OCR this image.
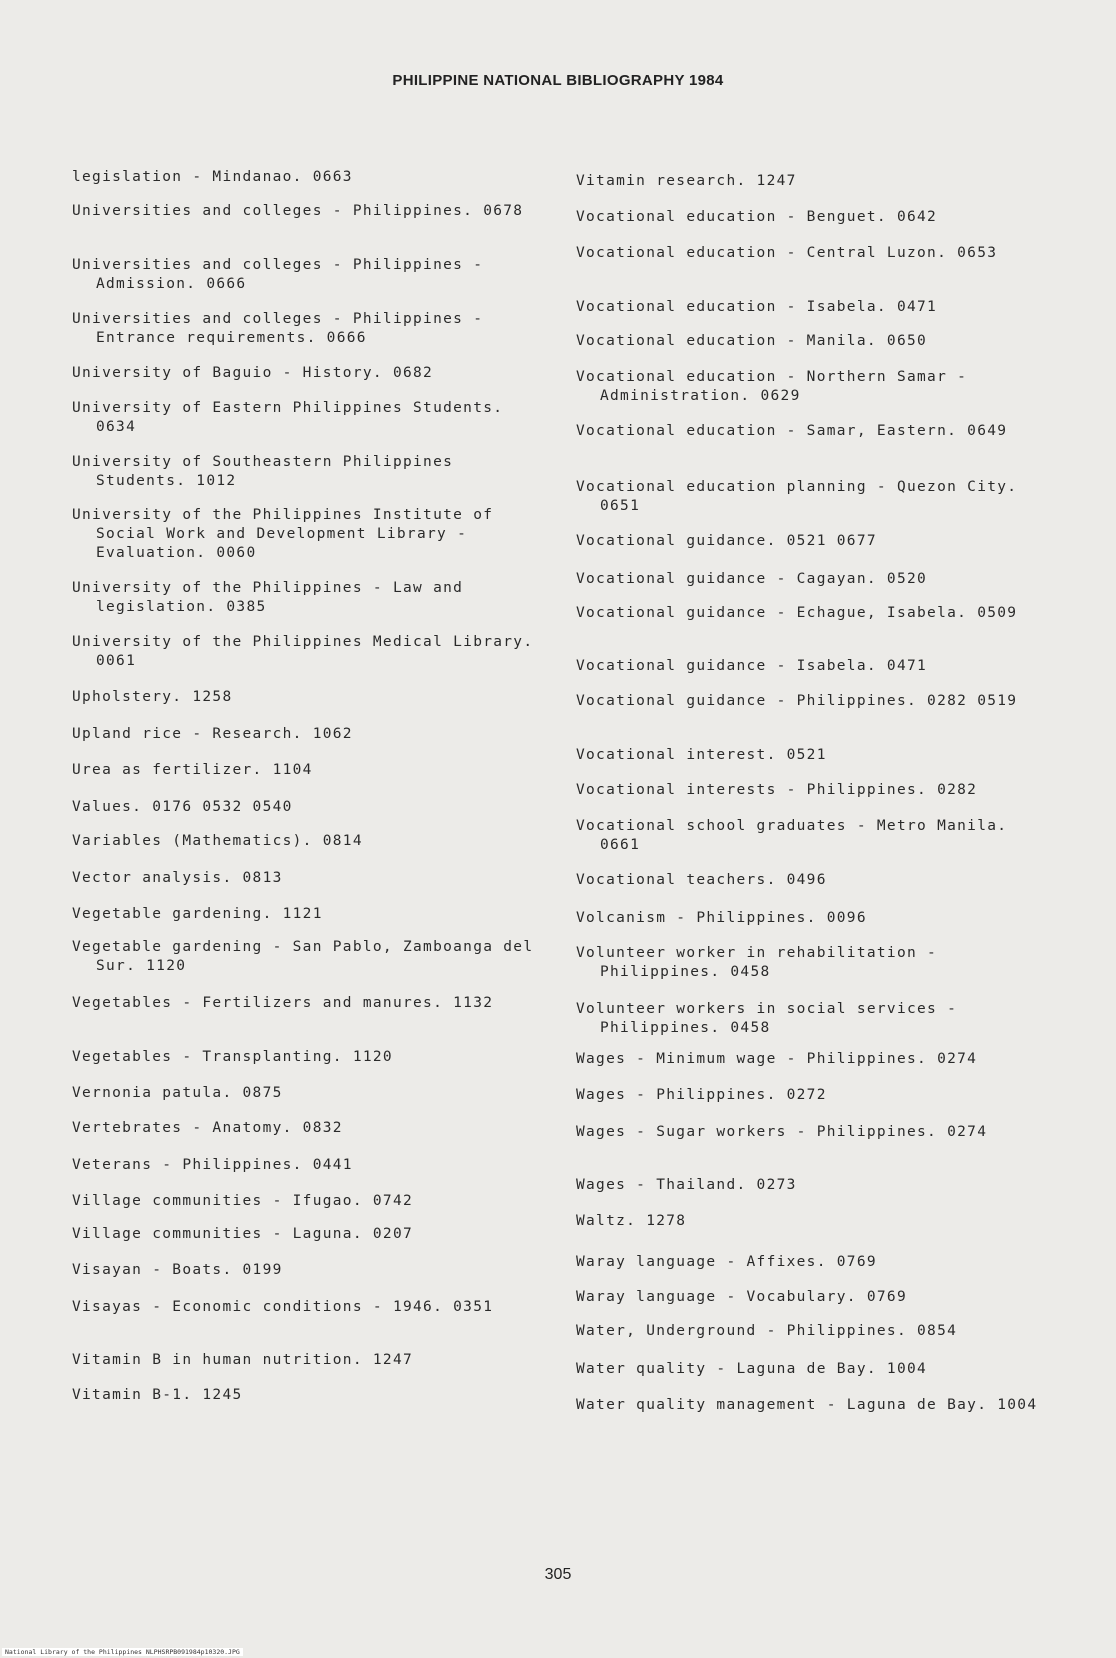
PHILIPPINE NATIONAL BIBLIOGRAPHY 1984
legislation - Mindanao. 0663
Universities and colleges - Philippines. 0678
Universities and colleges - Philippines - Admission. 0666
Universities and colleges - Philippines - Entrance requirements. 0666
University of Baguio - History. 0682
University of Eastern Philippines Students. 0634
University of Southeastern Philippines Students. 1012
University of the Philippines Institute of Social Work and Development Library - Evaluation. 0060
University of the Philippines - Law and legislation. 0385
University of the Philippines Medical Library. 0061
Upholstery. 1258
Upland rice - Research. 1062
Urea as fertilizer. 1104
Values. 0176 0532 0540
Variables (Mathematics). 0814
Vector analysis. 0813
Vegetable gardening. 1121
Vegetable gardening - San Pablo, Zamboanga del Sur. 1120
Vegetables - Fertilizers and manures. 1132
Vegetables - Transplanting. 1120
Vernonia patula. 0875
Vertebrates - Anatomy. 0832
Veterans - Philippines. 0441
Village communities - Ifugao. 0742
Village communities - Laguna. 0207
Visayan - Boats. 0199
Visayas - Economic conditions - 1946. 0351
Vitamin B in human nutrition. 1247
Vitamin B-1. 1245
Vitamin research. 1247
Vocational education - Benguet. 0642
Vocational education - Central Luzon. 0653
Vocational education - Isabela. 0471
Vocational education - Manila. 0650
Vocational education - Northern Samar - Administration. 0629
Vocational education - Samar, Eastern. 0649
Vocational education planning - Quezon City. 0651
Vocational guidance. 0521 0677
Vocational guidance - Cagayan. 0520
Vocational guidance - Echague, Isabela. 0509
Vocational guidance - Isabela. 0471
Vocational guidance - Philippines. 0282 0519
Vocational interest. 0521
Vocational interests - Philippines. 0282
Vocational school graduates - Metro Manila. 0661
Vocational teachers. 0496
Volcanism - Philippines. 0096
Volunteer worker in rehabilitation - Philippines. 0458
Volunteer workers in social services - Philippines. 0458
Wages - Minimum wage - Philippines. 0274
Wages - Philippines. 0272
Wages - Sugar workers - Philippines. 0274
Wages - Thailand. 0273
Waltz. 1278
Waray language - Affixes. 0769
Waray language - Vocabulary. 0769
Water, Underground - Philippines. 0854
Water quality - Laguna de Bay. 1004
Water quality management - Laguna de Bay. 1004
305
National Library of the Philippines NLPHSRPB091984p10320.JPG
